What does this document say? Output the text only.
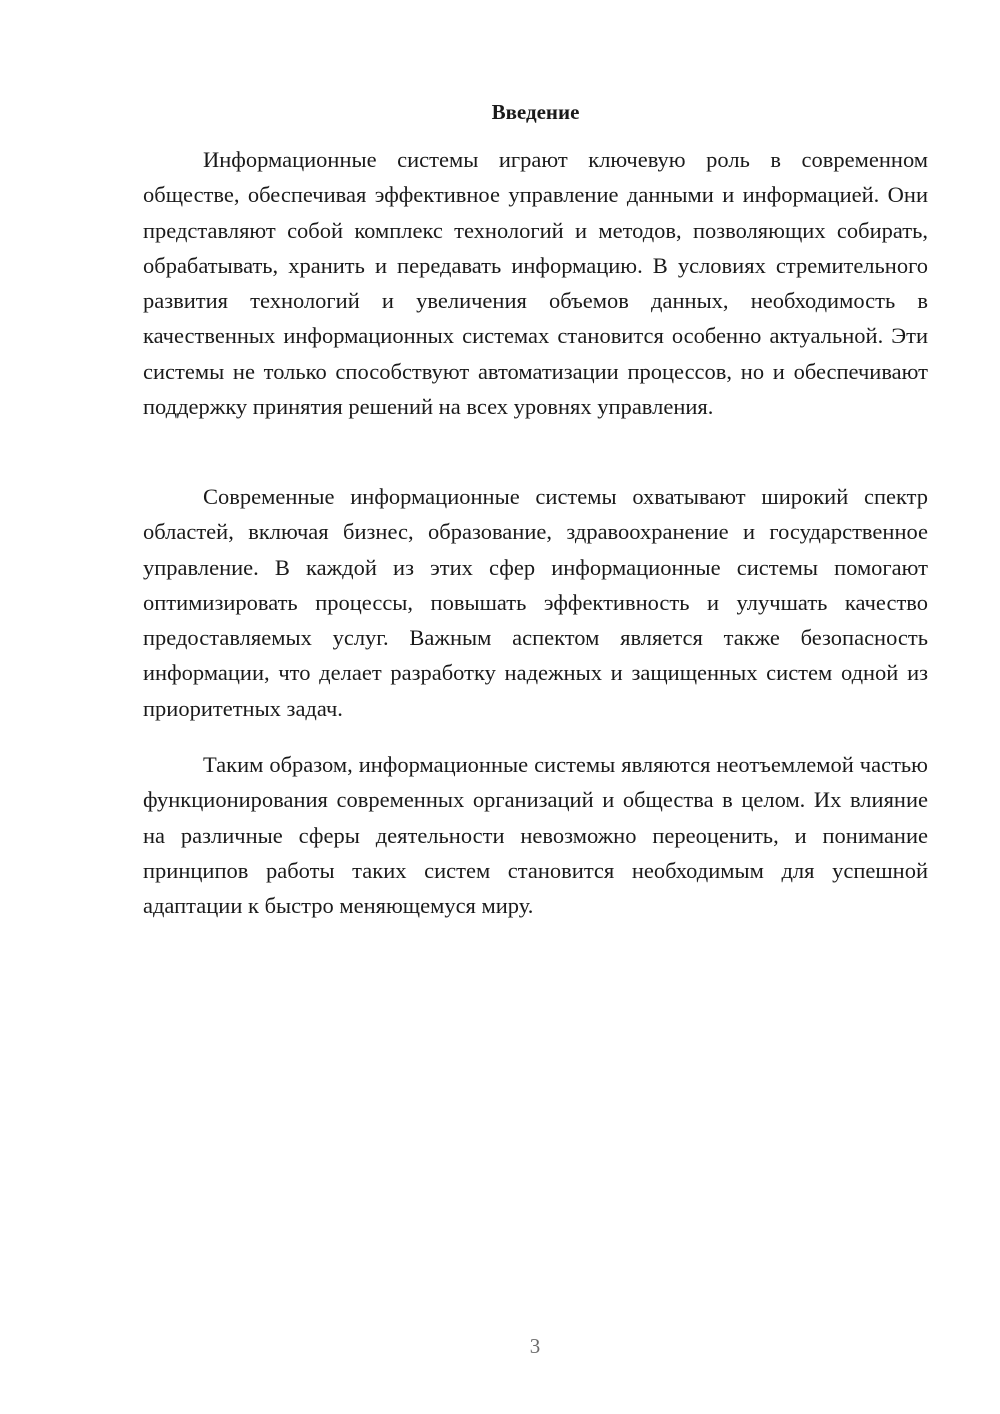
Введение

Информационные системы играют ключевую роль в современном обществе, обеспечивая эффективное управление данными и информацией. Они представляют собой комплекс технологий и методов, позволяющих собирать, обрабатывать, хранить и передавать информацию. В условиях стремительного развития технологий и увеличения объемов данных, необходимость в качественных информационных системах становится особенно актуальной. Эти системы не только способствуют автоматизации процессов, но и обеспечивают поддержку принятия решений на всех уровнях управления.

Современные информационные системы охватывают широкий спектр областей, включая бизнес, образование, здравоохранение и государственное управление. В каждой из этих сфер информационные системы помогают оптимизировать процессы, повышать эффективность и улучшать качество предоставляемых услуг. Важным аспектом является также безопасность информации, что делает разработку надежных и защищенных систем одной из приоритетных задач.

Таким образом, информационные системы являются неотъемлемой частью функционирования современных организаций и общества в целом. Их влияние на различные сферы деятельности невозможно переоценить, и понимание принципов работы таких систем становится необходимым для успешной адаптации к быстро меняющемуся миру.

3
